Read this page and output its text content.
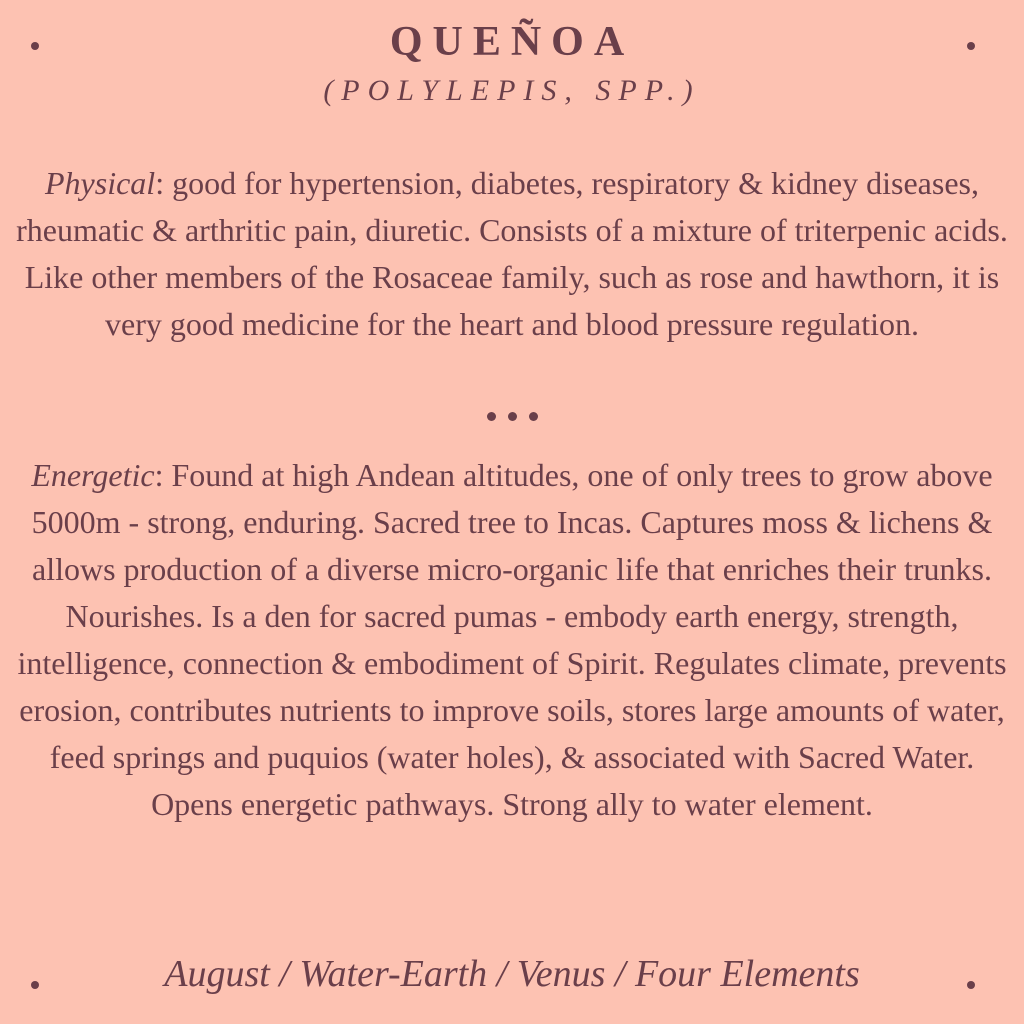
QUEÑOA
(POLYLEPIS, SPP.)
Physical: good for hypertension, diabetes, respiratory & kidney diseases, rheumatic & arthritic pain, diuretic. Consists of a mixture of triterpenic acids. Like other members of the Rosaceae family, such as rose and hawthorn, it is very good medicine for the heart and blood pressure regulation.
Energetic: Found at high Andean altitudes, one of only trees to grow above 5000m - strong, enduring. Sacred tree to Incas. Captures moss & lichens & allows production of a diverse micro-organic life that enriches their trunks. Nourishes. Is a den for sacred pumas - embody earth energy, strength, intelligence, connection & embodiment of Spirit. Regulates climate, prevents erosion, contributes nutrients to improve soils, stores large amounts of water, feed springs and puquios (water holes), & associated with Sacred Water. Opens energetic pathways. Strong ally to water element.
August / Water-Earth / Venus / Four Elements
